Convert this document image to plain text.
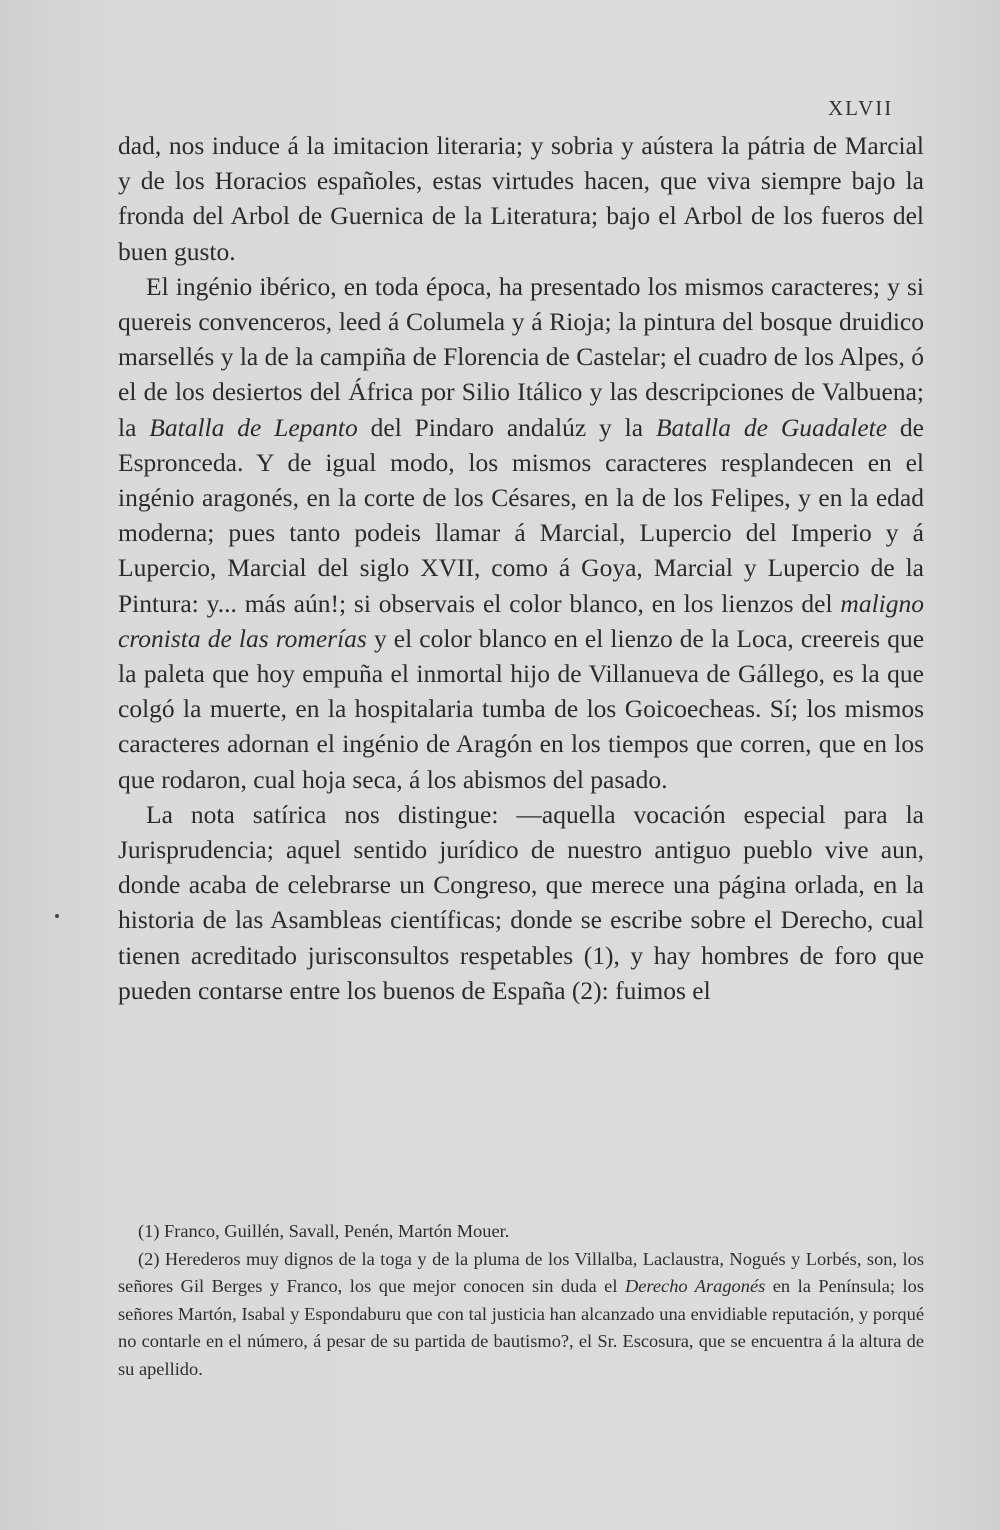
XLVII

dad, nos induce á la imitacion literaria; y sobria y aústera la pátria de Marcial y de los Horacios españoles, estas virtudes hacen, que viva siempre bajo la fronda del Arbol de Guernica de la Literatura; bajo el Arbol de los fueros del buen gusto.

El ingénio ibérico, en toda época, ha presentado los mismos caracteres; y si quereis convenceros, leed á Columela y á Rioja; la pintura del bosque druidico marsellés y la de la campiña de Florencia de Castelar; el cuadro de los Alpes, ó el de los desiertos del África por Silio Itálico y las descripciones de Valbuena; la Batalla de Lepanto del Pindaro andalúz y la Batalla de Guadalete de Espronceda. Y de igual modo, los mismos caracteres resplandecen en el ingénio aragonés, en la corte de los Césares, en la de los Felipes, y en la edad moderna; pues tanto podeis llamar á Marcial, Lupercio del Imperio y á Lupercio, Marcial del siglo XVII, como á Goya, Marcial y Lupercio de la Pintura: y... más aún!; si observais el color blanco, en los lienzos del maligno cronista de las romerías y el color blanco en el lienzo de la Loca, creereis que la paleta que hoy empuña el inmortal hijo de Villanueva de Gállego, es la que colgó la muerte, en la hospitalaria tumba de los Goicoecheas. Sí; los mismos caracteres adornan el ingénio de Aragón en los tiempos que corren, que en los que rodaron, cual hoja seca, á los abismos del pasado.

La nota satírica nos distingue: —aquella vocación especial para la Jurisprudencia; aquel sentido jurídico de nuestro antiguo pueblo vive aun, donde acaba de celebrarse un Congreso, que merece una página orlada, en la historia de las Asambleas científicas; donde se escribe sobre el Derecho, cual tienen acreditado jurisconsultos respetables (1), y hay hombres de foro que pueden contarse entre los buenos de España (2): fuimos el

(1) Franco, Guillén, Savall, Penén, Martón Mouer.

(2) Herederos muy dignos de la toga y de la pluma de los Villalba, Laclaustra, Nogués y Lorbés, son, los señores Gil Berges y Franco, los que mejor conocen sin duda el Derecho Aragonés en la Península; los señores Martón, Isabal y Espondaburu que con tal justicia han alcanzado una envidiable reputación, y porqué no contarle en el número, á pesar de su partida de bautismo?, el Sr. Escosura, que se encuentra á la altura de su apellido.
